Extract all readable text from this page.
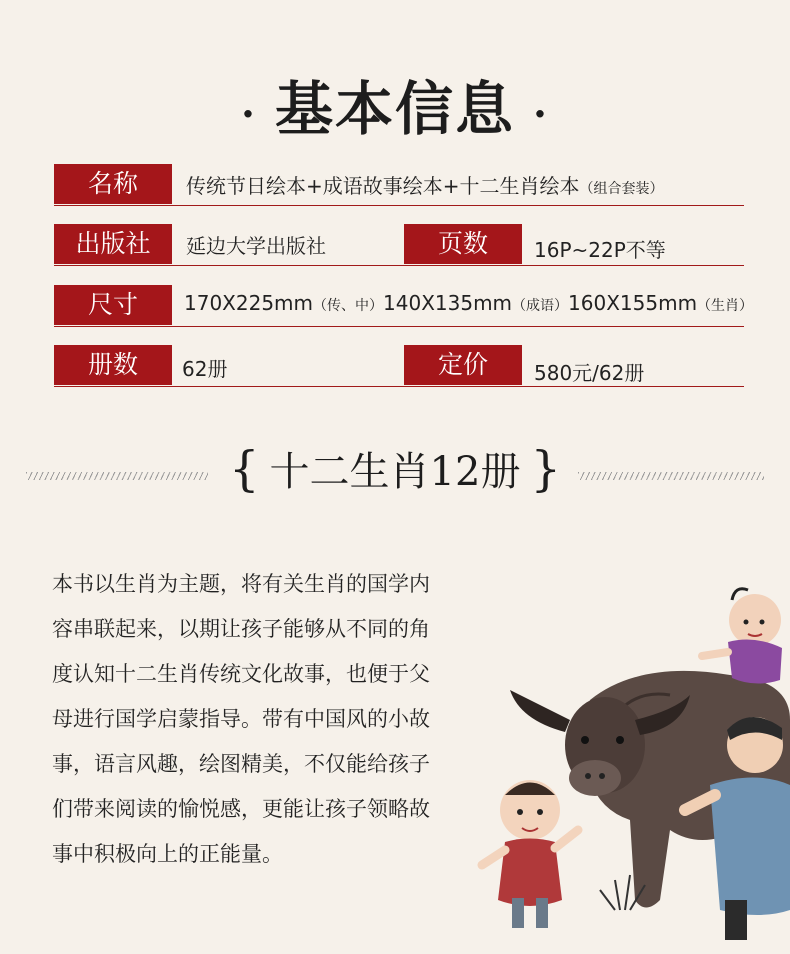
· 基本信息 ·
名称	传统节日绘本+成语故事绘本+十二生肖绘本（组合套装）
出版社	延边大学出版社	页数	16P~22P不等
尺寸	170X225mm（传、中）140X135mm（成语）160X155mm（生肖）
册数	62册	定价	580元/62册
{ 十二生肖12册 }
本书以生肖为主题，将有关生肖的国学内
容串联起来，以期让孩子能够从不同的角
度认知十二生肖传统文化故事，也便于父
母进行国学启蒙指导。带有中国风的小故
事，语言风趣，绘图精美，不仅能给孩子
们带来阅读的愉悦感，更能让孩子领略故
事中积极向上的正能量。
